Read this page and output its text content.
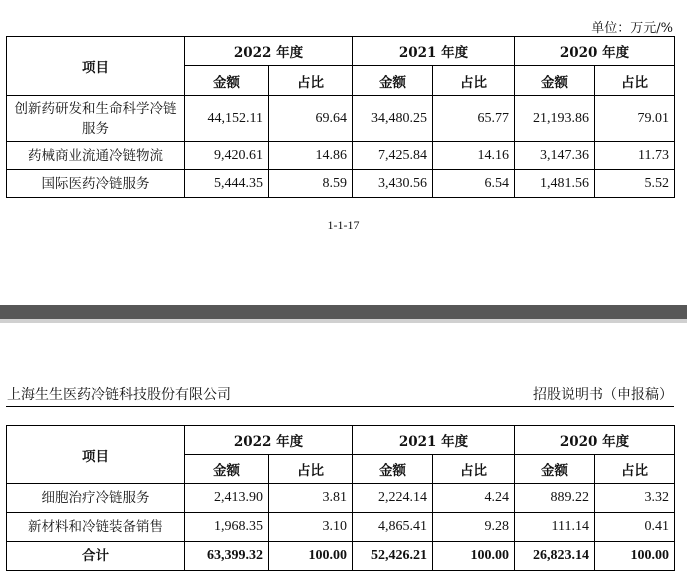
单位：万元/%
项目	2022 年度		2021 年度		2020 年度	
	金额	占比	金额	占比	金额	占比
创新药研发和生命科学冷链服务	44,152.11	69.64	34,480.25	65.77	21,193.86	79.01
药械商业流通冷链物流	9,420.61	14.86	7,425.84	14.16	3,147.36	11.73
国际医药冷链服务	5,444.35	8.59	3,430.56	6.54	1,481.56	5.52
1-1-17
上海生生医药冷链科技股份有限公司	招股说明书（申报稿）
项目	2022 年度		2021 年度		2020 年度	
	金额	占比	金额	占比	金额	占比
细胞治疗冷链服务	2,413.90	3.81	2,224.14	4.24	889.22	3.32
新材料和冷链装备销售	1,968.35	3.10	4,865.41	9.28	111.14	0.41
合计	63,399.32	100.00	52,426.21	100.00	26,823.14	100.00
